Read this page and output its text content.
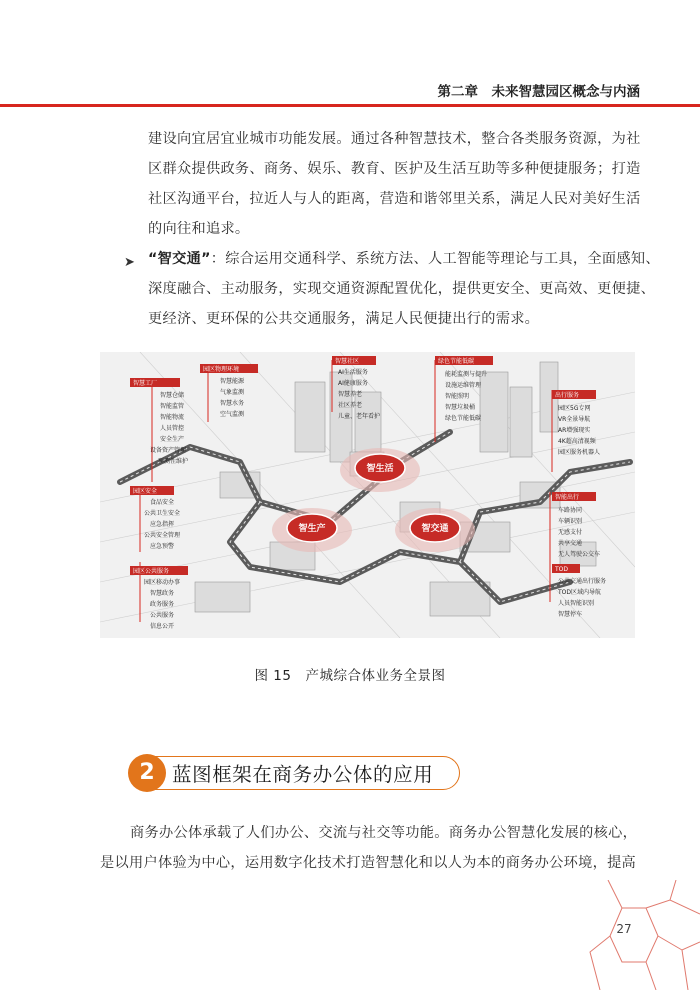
第二章　未来智慧园区概念与内涵
建设向宜居宜业城市功能发展。通过各种智慧技术，整合各类服务资源，为社
区群众提供政务、商务、娱乐、教育、医护及生活互助等多种便捷服务；打造
社区沟通平台，拉近人与人的距离，营造和谐邻里关系，满足人民对美好生活
的向往和追求。
➤ “智交通”：综合运用交通科学、系统方法、人工智能等理论与工具，全面感知、
深度融合、主动服务，实现交通资源配置优化，提供更安全、更高效、更便捷、
更经济、更环保的公共交通服务，满足人民便捷出行的需求。
智生活
智生产	智交通
智慧工厂
智慧仓储
智能监管
智能物流
人员管控
安全生产
设备资产管理
预测性维护
园区物理环境
智慧能源
气象监测
智慧水务
空气监测
智慧社区
AI生活服务
AI健康服务
智慧养老
社区养老
儿童、老年看护
绿色节能低碳
能耗监测与提升
设施运维管理
智能照明
智慧垃圾桶
绿色节能低碳
出行服务
园区5G专网
VR全景导航
AR增强现实
4K超高清视频
园区服务机器人
园区安全
食品安全
公共卫生安全
应急指挥
公共安全管理
应急预警
园区公共服务
园区移动办事
智慧政务
政务服务
公共服务
信息公开
智能出行
车路协同
车辆识别
无感支付
共享交通
无人驾驶公交车
TOD
公共交通出行服务
TOD区域内导航
人员智能识别
智慧停车
图 15　产城综合体业务全景图
2 蓝图框架在商务办公体的应用
商务办公体承载了人们办公、交流与社交等功能。商务办公智慧化发展的核心，
是以用户体验为中心，运用数字化技术打造智慧化和以人为本的商务办公环境，提高
27
